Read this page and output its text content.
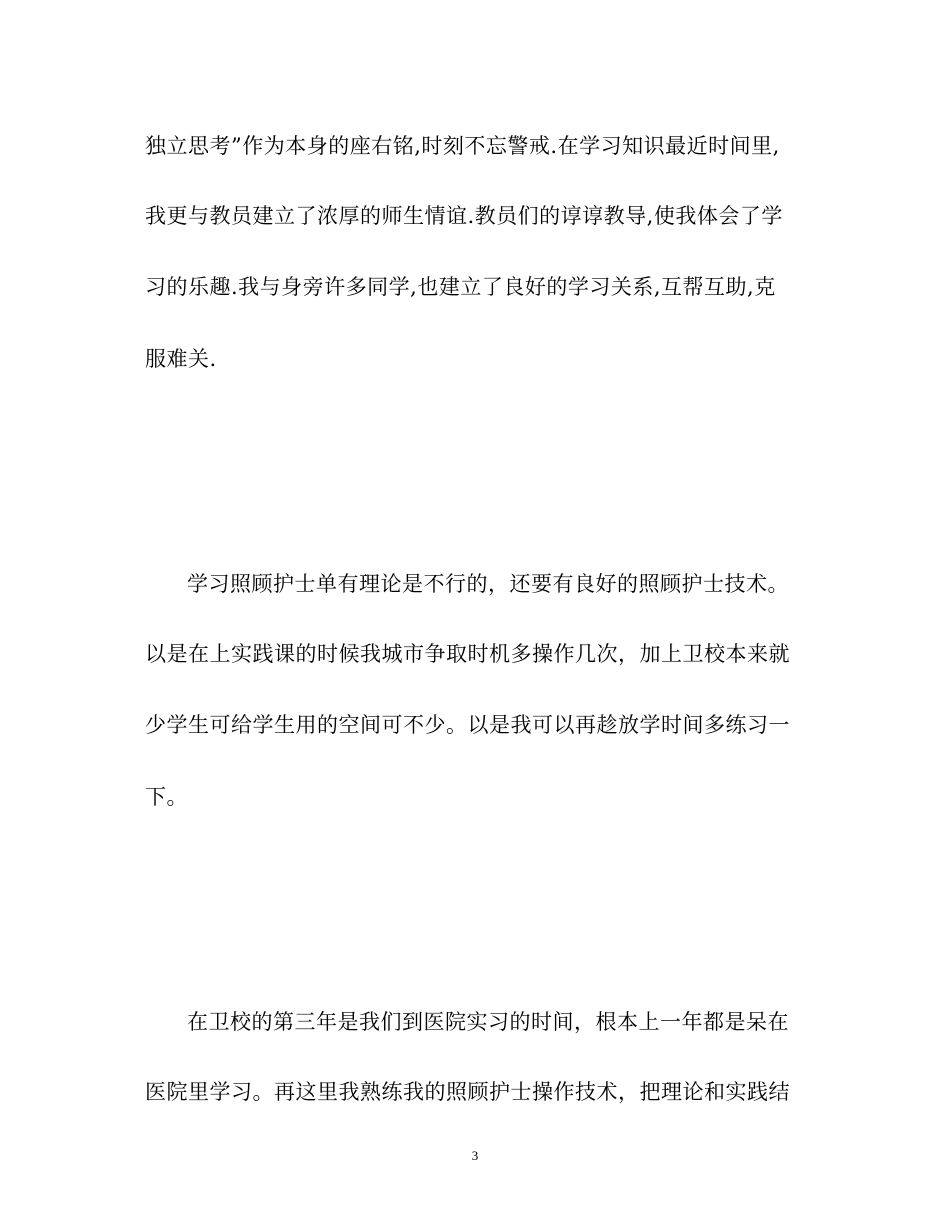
独立思考”作为本身的座右铭,时刻不忘警戒.在学习知识最近时间里,
我更与教员建立了浓厚的师生情谊.教员们的谆谆教导,使我体会了学
习的乐趣.我与身旁许多同学,也建立了良好的学习关系,互帮互助,克
服难关.
学习照顾护士单有理论是不行的，还要有良好的照顾护士技术。
以是在上实践课的时候我城市争取时机多操作几次，加上卫校本来就
少学生可给学生用的空间可不少。以是我可以再趁放学时间多练习一
下。
在卫校的第三年是我们到医院实习的时间，根本上一年都是呆在
医院里学习。再这里我熟练我的照顾护士操作技术，把理论和实践结
3
